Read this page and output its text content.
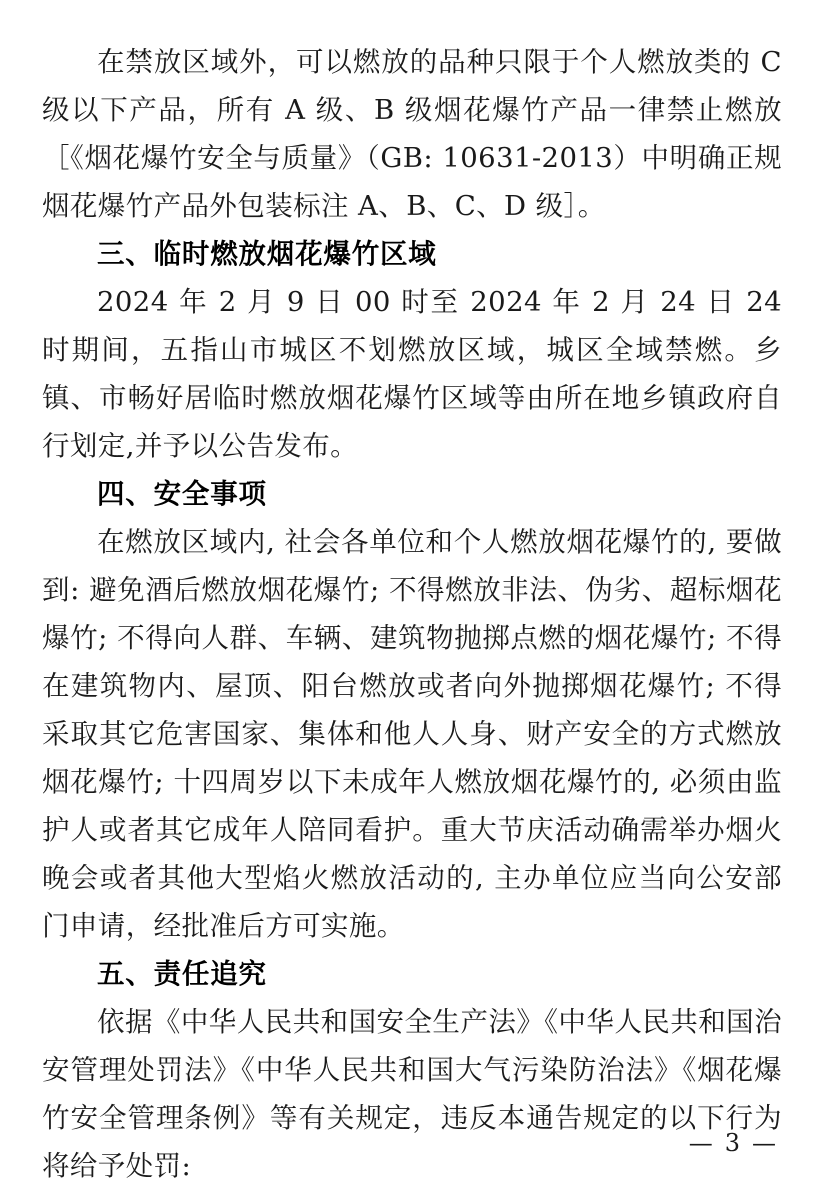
在禁放区域外，可以燃放的品种只限于个人燃放类的 C 级以下产品，所有 A 级、B 级烟花爆竹产品一律禁止燃放［《烟花爆竹安全与质量》（GB: 10631-2013）中明确正规烟花爆竹产品外包装标注 A、B、C、D 级］。

三、临时燃放烟花爆竹区域

2024 年 2 月 9 日 00 时至 2024 年 2 月 24 日 24 时期间，五指山市城区不划燃放区域，城区全域禁燃。乡镇、市畅好居临时燃放烟花爆竹区域等由所在地乡镇政府自行划定,并予以公告发布。

四、安全事项

在燃放区域内, 社会各单位和个人燃放烟花爆竹的, 要做到: 避免酒后燃放烟花爆竹; 不得燃放非法、伪劣、超标烟花爆竹; 不得向人群、车辆、建筑物抛掷点燃的烟花爆竹; 不得在建筑物内、屋顶、阳台燃放或者向外抛掷烟花爆竹; 不得采取其它危害国家、集体和他人人身、财产安全的方式燃放烟花爆竹; 十四周岁以下未成年人燃放烟花爆竹的, 必须由监护人或者其它成年人陪同看护。重大节庆活动确需举办烟火晚会或者其他大型焰火燃放活动的, 主办单位应当向公安部门申请，经批准后方可实施。

五、责任追究

依据《中华人民共和国安全生产法》《中华人民共和国治安管理处罚法》《中华人民共和国大气污染防治法》《烟花爆竹安全管理条例》等有关规定，违反本通告规定的以下行为将给予处罚:

— 3 —
